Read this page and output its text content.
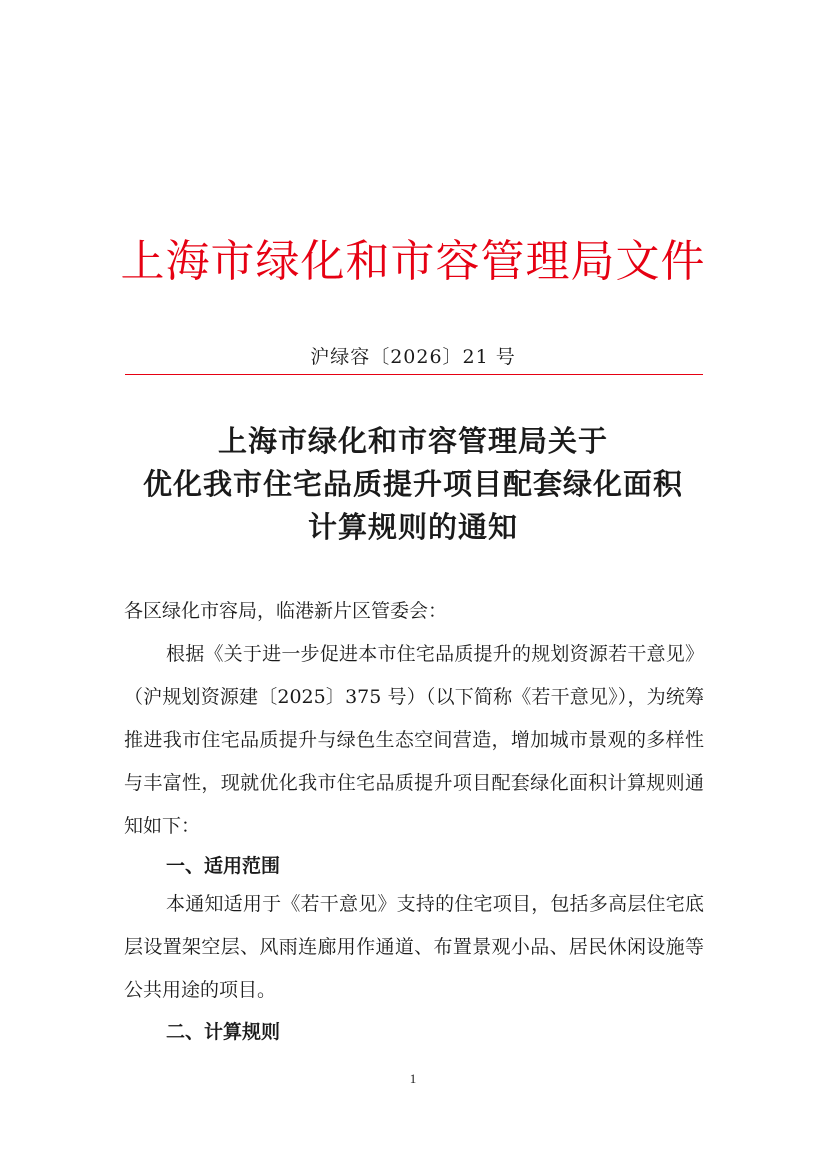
上海市绿化和市容管理局文件
沪绿容〔2026〕21 号
上海市绿化和市容管理局关于
优化我市住宅品质提升项目配套绿化面积
计算规则的通知
各区绿化市容局，临港新片区管委会：
根据《关于进一步促进本市住宅品质提升的规划资源若干意见》（沪规划资源建〔2025〕375 号）（以下简称《若干意见》），为统筹推进我市住宅品质提升与绿色生态空间营造，增加城市景观的多样性与丰富性，现就优化我市住宅品质提升项目配套绿化面积计算规则通知如下：
一、适用范围
本通知适用于《若干意见》支持的住宅项目，包括多高层住宅底层设置架空层、风雨连廊用作通道、布置景观小品、居民休闲设施等公共用途的项目。
二、计算规则
1
